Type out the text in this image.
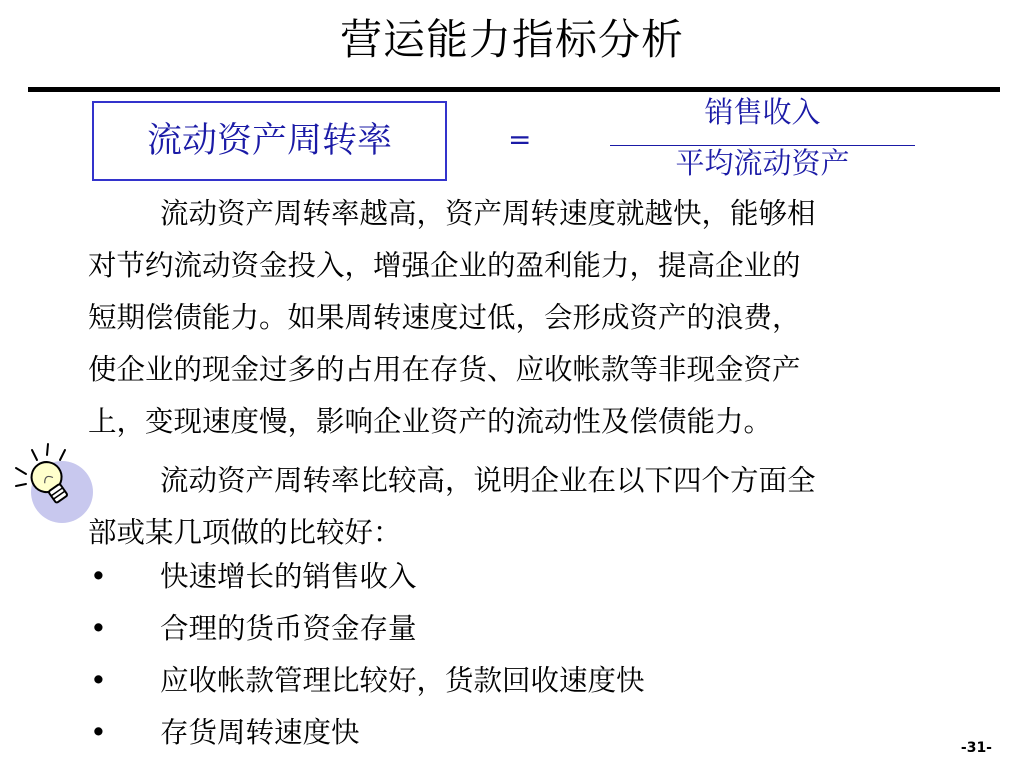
营运能力指标分析
流动资产周转率	=
销售收入
平均流动资产
流动资产周转率越高，资产周转速度就越快，能够相
对节约流动资金投入，增强企业的盈利能力，提高企业的
短期偿债能力。如果周转速度过低，会形成资产的浪费，
使企业的现金过多的占用在存货、应收帐款等非现金资产
上，变现速度慢，影响企业资产的流动性及偿债能力。
流动资产周转率比较高，说明企业在以下四个方面全
部或某几项做的比较好：
• 快速增长的销售收入
• 合理的货币资金存量
• 应收帐款管理比较好，货款回收速度快
• 存货周转速度快	-31-
